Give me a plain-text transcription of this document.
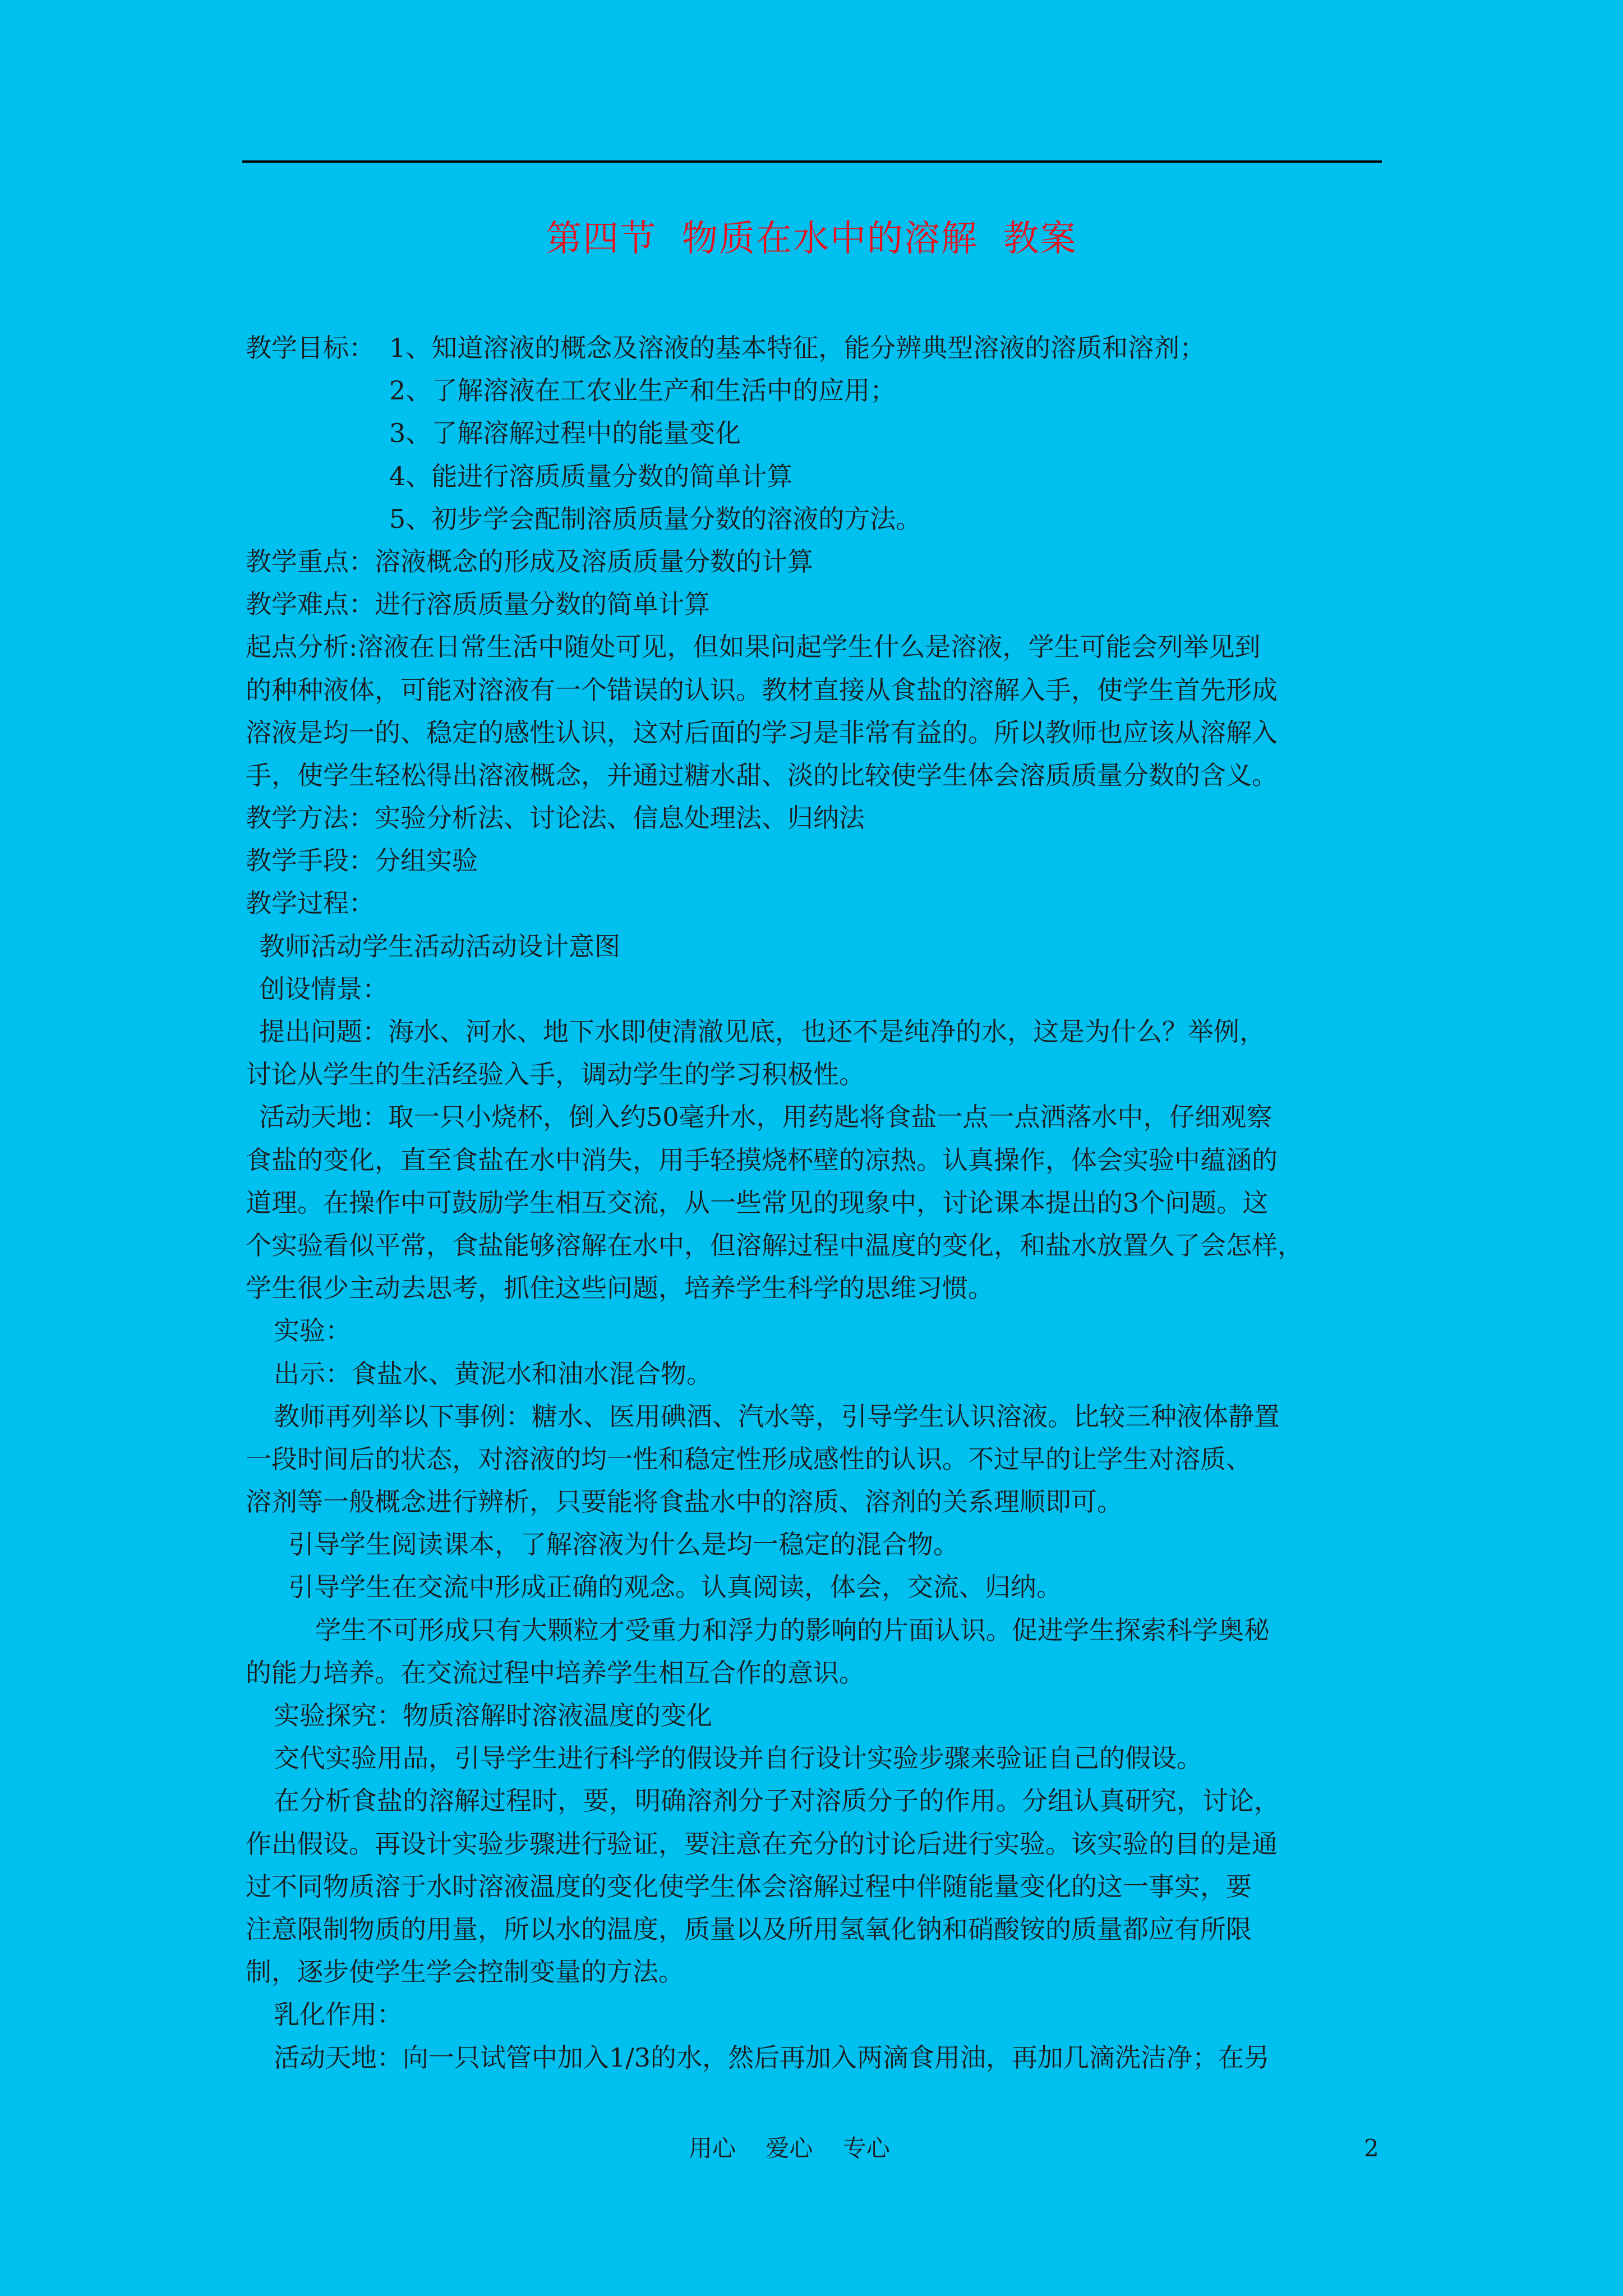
第四节  物质在水中的溶解  教案
教学目标： 1、知道溶液的概念及溶液的基本特征，能分辨典型溶液的溶质和溶剂；
2、了解溶液在工农业生产和生活中的应用；
3、了解溶解过程中的能量变化
4、能进行溶质质量分数的简单计算
5、初步学会配制溶质质量分数的溶液的方法。
教学重点：溶液概念的形成及溶质质量分数的计算
教学难点：进行溶质质量分数的简单计算
起点分析:溶液在日常生活中随处可见，但如果问起学生什么是溶液，学生可能会列举见到
的种种液体，可能对溶液有一个错误的认识。教材直接从食盐的溶解入手，使学生首先形成
溶液是均一的、稳定的感性认识，这对后面的学习是非常有益的。所以教师也应该从溶解入
手，使学生轻松得出溶液概念，并通过糖水甜、淡的比较使学生体会溶质质量分数的含义。
教学方法：实验分析法、讨论法、信息处理法、归纳法
教学手段：分组实验
教学过程：
教师活动学生活动活动设计意图
创设情景：
提出问题：海水、河水、地下水即使清澈见底，也还不是纯净的水，这是为什么？举例，
讨论从学生的生活经验入手，调动学生的学习积极性。
活动天地：取一只小烧杯，倒入约50毫升水，用药匙将食盐一点一点洒落水中，仔细观察
食盐的变化，直至食盐在水中消失，用手轻摸烧杯壁的凉热。认真操作，体会实验中蕴涵的
道理。在操作中可鼓励学生相互交流，从一些常见的现象中，讨论课本提出的3个问题。这
个实验看似平常，食盐能够溶解在水中，但溶解过程中温度的变化，和盐水放置久了会怎样，
学生很少主动去思考，抓住这些问题，培养学生科学的思维习惯。
实验：
出示：食盐水、黄泥水和油水混合物。
教师再列举以下事例：糖水、医用碘酒、汽水等，引导学生认识溶液。比较三种液体静置
一段时间后的状态，对溶液的均一性和稳定性形成感性的认识。不过早的让学生对溶质、
溶剂等一般概念进行辨析，只要能将食盐水中的溶质、溶剂的关系理顺即可。
引导学生阅读课本，了解溶液为什么是均一稳定的混合物。
引导学生在交流中形成正确的观念。认真阅读，体会，交流、归纳。
学生不可形成只有大颗粒才受重力和浮力的影响的片面认识。促进学生探索科学奥秘
的能力培养。在交流过程中培养学生相互合作的意识。
实验探究：物质溶解时溶液温度的变化
交代实验用品，引导学生进行科学的假设并自行设计实验步骤来验证自己的假设。
在分析食盐的溶解过程时，要，明确溶剂分子对溶质分子的作用。分组认真研究，讨论，
作出假设。再设计实验步骤进行验证，要注意在充分的讨论后进行实验。该实验的目的是通
过不同物质溶于水时溶液温度的变化使学生体会溶解过程中伴随能量变化的这一事实，要
注意限制物质的用量，所以水的温度，质量以及所用氢氧化钠和硝酸铵的质量都应有所限
制，逐步使学生学会控制变量的方法。
乳化作用：
活动天地：向一只试管中加入1/3的水，然后再加入两滴食用油，再加几滴洗洁净；在另
用心    爱心    专心	2
